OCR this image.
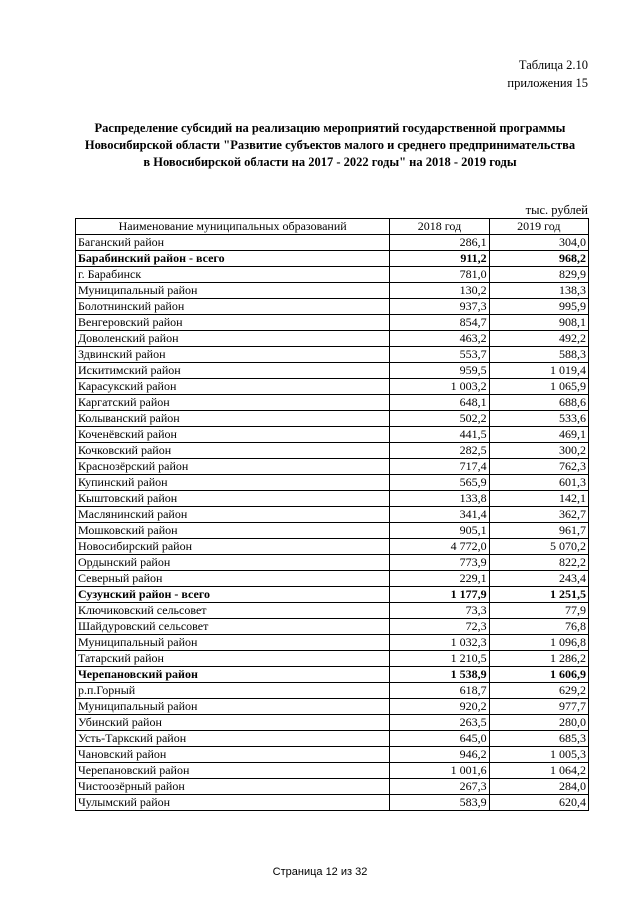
Таблица 2.10
приложения 15
Распределение субсидий на реализацию мероприятий государственной программы
Новосибирской области "Развитие субъектов малого и среднего предпринимательства
в Новосибирской области на 2017 - 2022 годы" на 2018 - 2019 годы
тыс. рублей
Наименование муниципальных образований	2018 год	2019 год
Баганский район	286,1	304,0
Барабинский район - всего	911,2	968,2
г. Барабинск	781,0	829,9
Муниципальный район	130,2	138,3
Болотнинский район	937,3	995,9
Венгеровский район	854,7	908,1
Доволенский район	463,2	492,2
Здвинский район	553,7	588,3
Искитимский район	959,5	1 019,4
Карасукский район	1 003,2	1 065,9
Каргатский район	648,1	688,6
Колыванский район	502,2	533,6
Коченёвский район	441,5	469,1
Кочковский район	282,5	300,2
Краснозёрский район	717,4	762,3
Купинский район	565,9	601,3
Кыштовский район	133,8	142,1
Маслянинский район	341,4	362,7
Мошковский район	905,1	961,7
Новосибирский район	4 772,0	5 070,2
Ордынский район	773,9	822,2
Северный район	229,1	243,4
Сузунский район - всего	1 177,9	1 251,5
Ключиковский сельсовет	73,3	77,9
Шайдуровский сельсовет	72,3	76,8
Муниципальный район	1 032,3	1 096,8
Татарский район	1 210,5	1 286,2
Черепановский район	1 538,9	1 606,9
р.п.Горный	618,7	629,2
Муниципальный район	920,2	977,7
Убинский район	263,5	280,0
Усть-Таркский район	645,0	685,3
Чановский район	946,2	1 005,3
Черепановский район	1 001,6	1 064,2
Чистоозёрный район	267,3	284,0
Чулымский район	583,9	620,4
Страница 12 из 32
